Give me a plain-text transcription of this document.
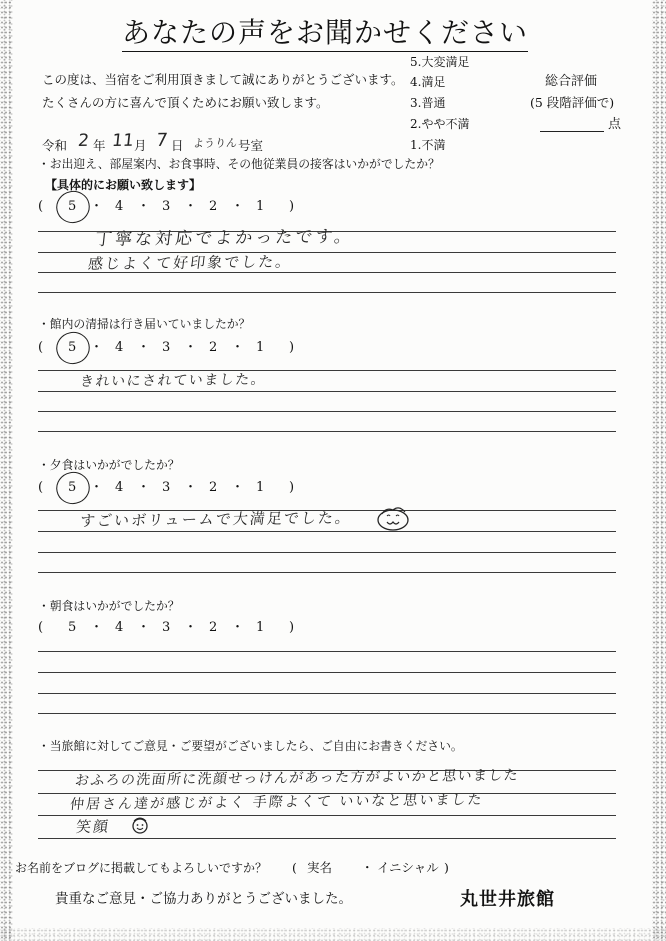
あなたの声をお聞かせください
この度は、当宿をご利用頂きまして誠にありがとうございます。
たくさんの方に喜んで頂くためにお願い致します。
5.大変満足
4.満足
3.普通
2.やや不満
1.不満
総合評価
(5 段階評価で)
点
令和 2 年 11 月 7 日 ようりん 号室
・お出迎え、部屋案内、お食事時、その他従業員の接客はいかがでしたか？
【具体的にお願い致します】
( 5 ・ 4 ・ 3 ・ 2 ・ 1 )
丁寧な対応でよかったです。
感じよくて好印象でした。
・館内の清掃は行き届いていましたか？
( 5 ・ 4 ・ 3 ・ 2 ・ 1 )
きれいにされていました。
・夕食はいかがでしたか？
( 5 ・ 4 ・ 3 ・ 2 ・ 1 )
すごいボリュームで大満足でした。
・朝食はいかがでしたか？
( 5 ・ 4 ・ 3 ・ 2 ・ 1 )
・当旅館に対してご意見・ご要望がございましたら、ご自由にお書きください。
おふろの洗面所に洗顔せっけんがあった方がよいかと思いました
仲居さん達が感じがよく 手際よくて いいなと思いました
笑顔
お名前をブログに掲載してもよろしいですか？ ( 実名 ・ イニシャル )
貴重なご意見・ご協力ありがとうございました。	丸世井旅館
